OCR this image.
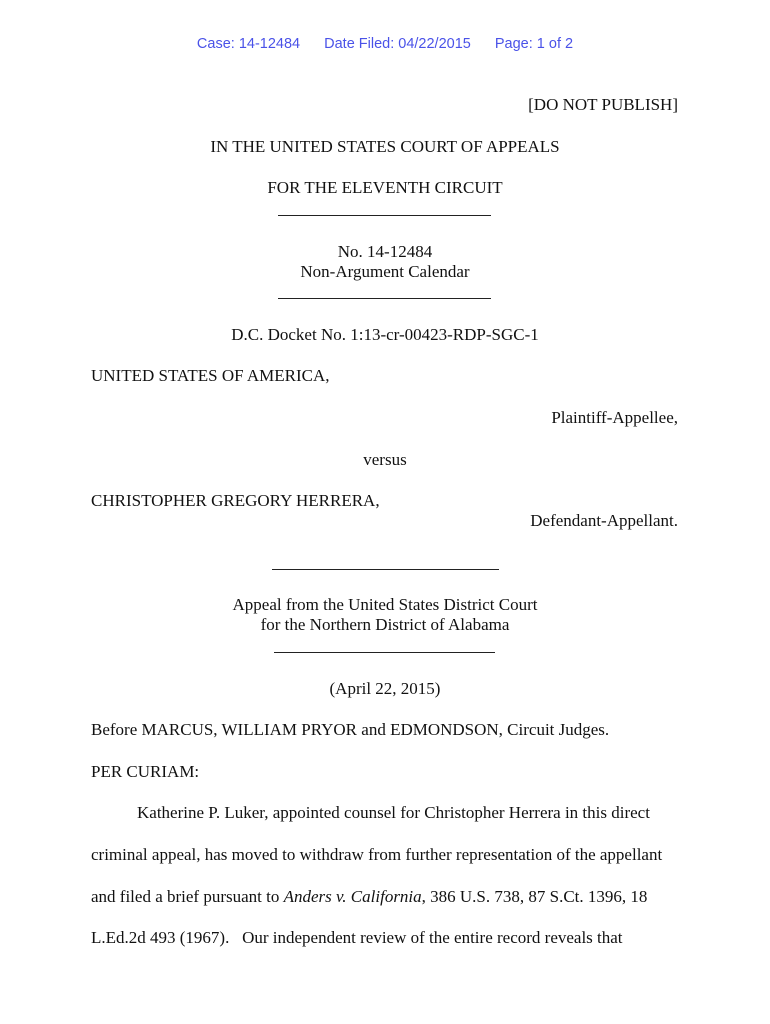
Case: 14-12484 Date Filed: 04/22/2015 Page: 1 of 2
[DO NOT PUBLISH]
IN THE UNITED STATES COURT OF APPEALS
FOR THE ELEVENTH CIRCUIT
No. 14-12484
Non-Argument Calendar
D.C. Docket No. 1:13-cr-00423-RDP-SGC-1
UNITED STATES OF AMERICA,
Plaintiff-Appellee,
versus
CHRISTOPHER GREGORY HERRERA,
Defendant-Appellant.
Appeal from the United States District Court
for the Northern District of Alabama
(April 22, 2015)
Before MARCUS, WILLIAM PRYOR and EDMONDSON, Circuit Judges.
PER CURIAM:
Katherine P. Luker, appointed counsel for Christopher Herrera in this direct
criminal appeal, has moved to withdraw from further representation of the appellant
and filed a brief pursuant to Anders v. California, 386 U.S. 738, 87 S.Ct. 1396, 18
L.Ed.2d 493 (1967).   Our independent review of the entire record reveals that
